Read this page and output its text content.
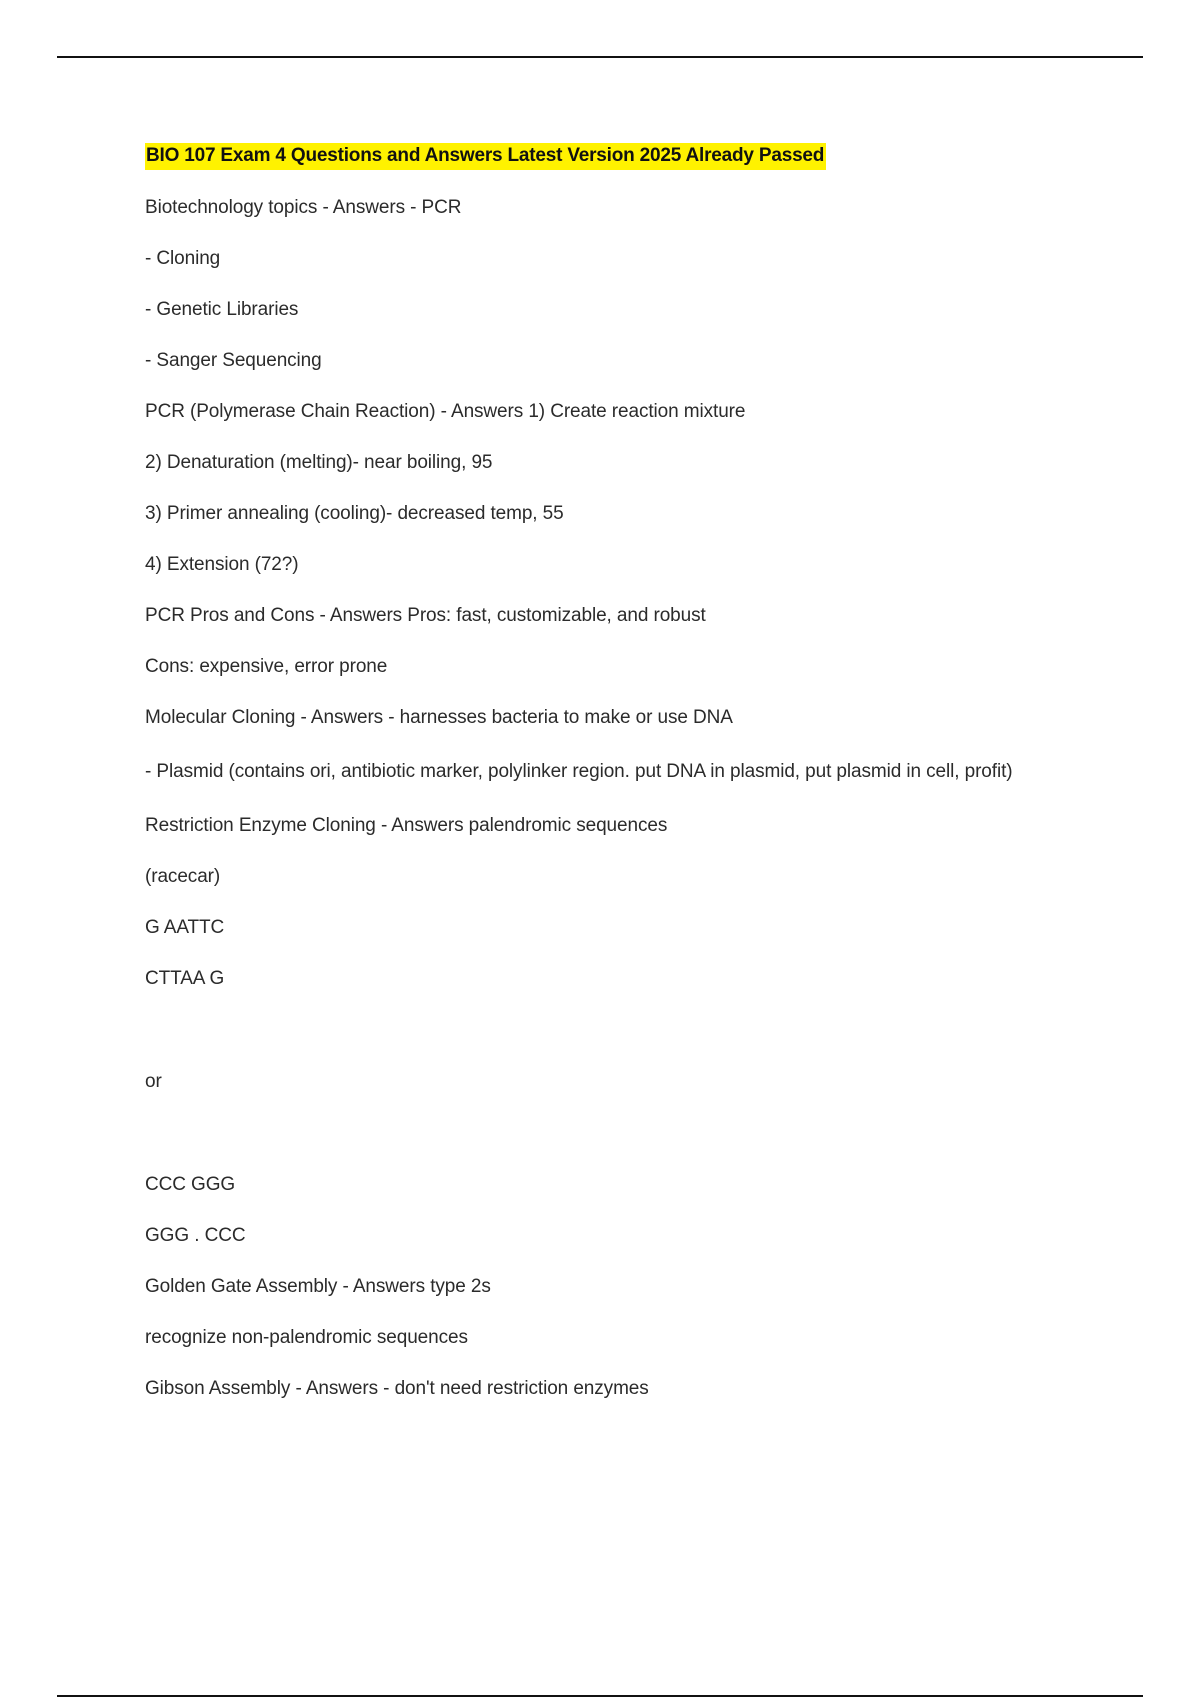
BIO 107 Exam 4 Questions and Answers Latest Version 2025 Already Passed

Biotechnology topics - Answers - PCR

- Cloning

- Genetic Libraries

- Sanger Sequencing

PCR (Polymerase Chain Reaction) - Answers 1) Create reaction mixture

2) Denaturation (melting)- near boiling, 95

3) Primer annealing (cooling)- decreased temp, 55

4) Extension (72?)

PCR Pros and Cons - Answers Pros: fast, customizable, and robust

Cons: expensive, error prone

Molecular Cloning - Answers - harnesses bacteria to make or use DNA

- Plasmid (contains ori, antibiotic marker, polylinker region. put DNA in plasmid, put plasmid in cell, profit)

Restriction Enzyme Cloning - Answers palendromic sequences

(racecar)

G AATTC

CTTAA G

or

CCC GGG

GGG . CCC

Golden Gate Assembly - Answers type 2s

recognize non-palendromic sequences

Gibson Assembly - Answers - don't need restriction enzymes
